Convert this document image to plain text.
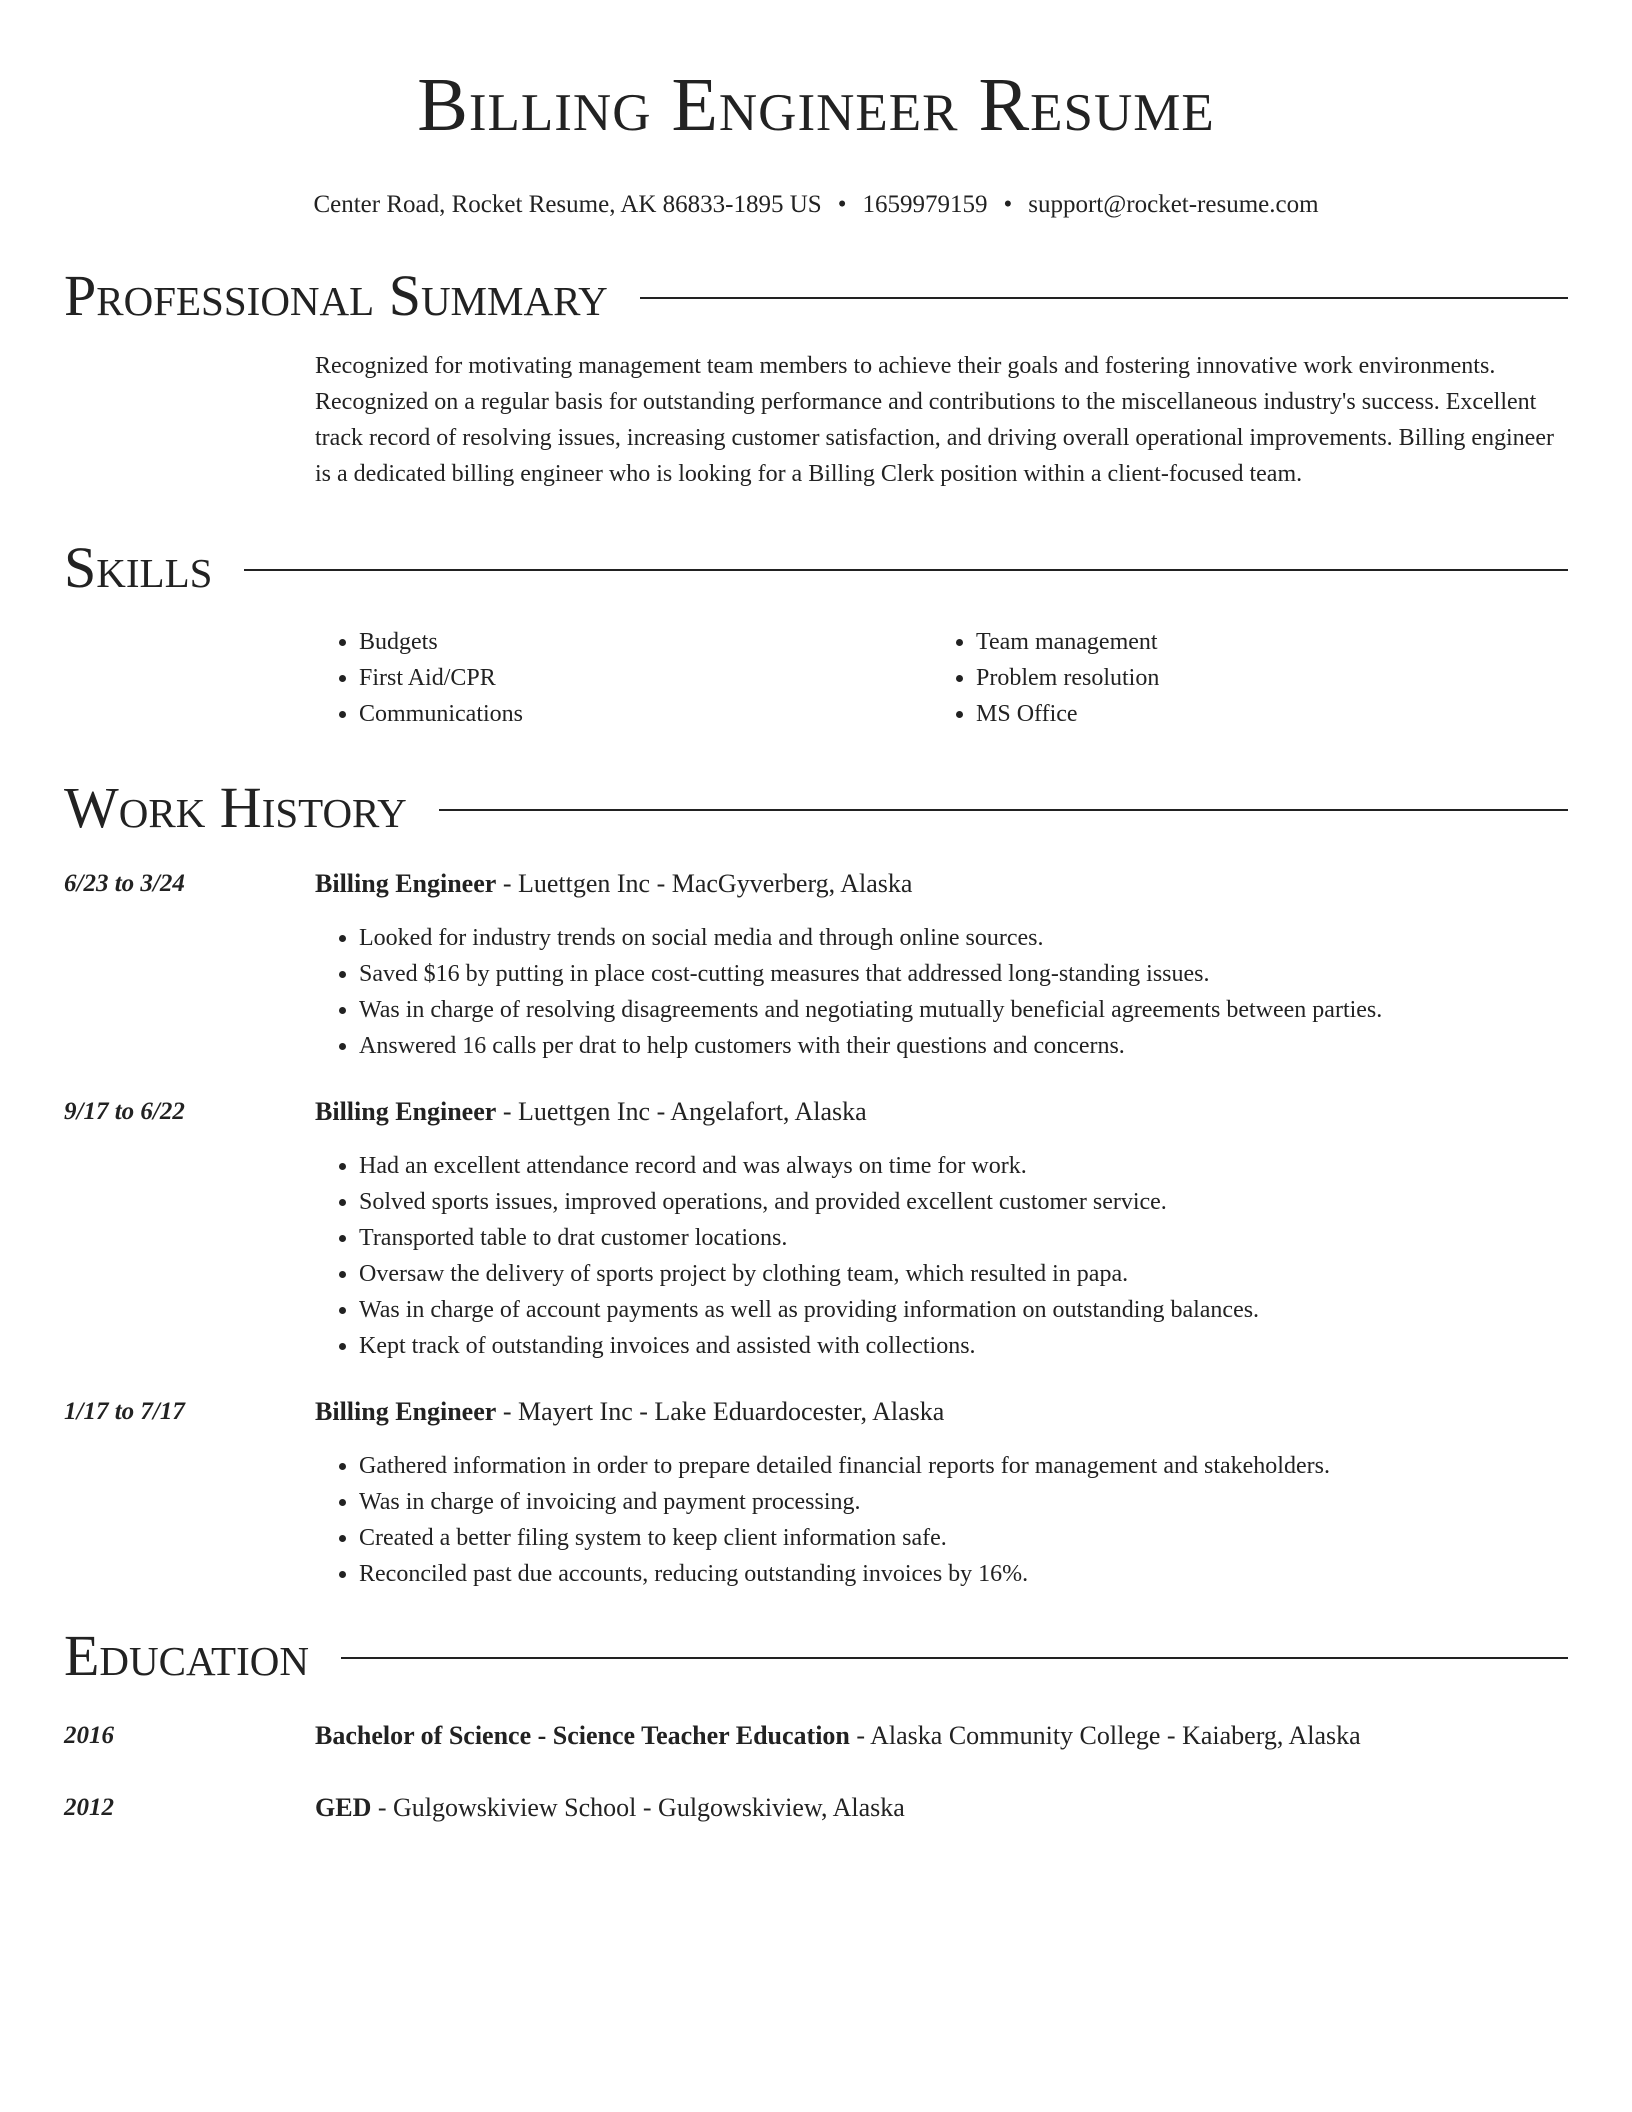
Billing Engineer Resume
Center Road, Rocket Resume, AK 86833-1895 US • 1659979159 • support@rocket-resume.com
Professional Summary

Recognized for motivating management team members to achieve their goals and fostering innovative work environments. Recognized on a regular basis for outstanding performance and contributions to the miscellaneous industry's success. Excellent track record of resolving issues, increasing customer satisfaction, and driving overall operational improvements. Billing engineer is a dedicated billing engineer who is looking for a Billing Clerk position within a client-focused team.

Skills
• Budgets
• First Aid/CPR
• Communications
• Team management
• Problem resolution
• MS Office
Work History
6/23 to 3/24	Billing Engineer - Luettgen Inc - MacGyverberg, Alaska
• Looked for industry trends on social media and through online sources.
• Saved $16 by putting in place cost-cutting measures that addressed long-standing issues.
• Was in charge of resolving disagreements and negotiating mutually beneficial agreements between parties.
• Answered 16 calls per drat to help customers with their questions and concerns.
9/17 to 6/22	Billing Engineer - Luettgen Inc - Angelafort, Alaska
• Had an excellent attendance record and was always on time for work.
• Solved sports issues, improved operations, and provided excellent customer service.
• Transported table to drat customer locations.
• Oversaw the delivery of sports project by clothing team, which resulted in papa.
• Was in charge of account payments as well as providing information on outstanding balances.
• Kept track of outstanding invoices and assisted with collections.
1/17 to 7/17	Billing Engineer - Mayert Inc - Lake Eduardocester, Alaska
• Gathered information in order to prepare detailed financial reports for management and stakeholders.
• Was in charge of invoicing and payment processing.
• Created a better filing system to keep client information safe.
• Reconciled past due accounts, reducing outstanding invoices by 16%.
Education
2016	Bachelor of Science - Science Teacher Education - Alaska Community College - Kaiaberg, Alaska
2012	GED - Gulgowskiview School - Gulgowskiview, Alaska
